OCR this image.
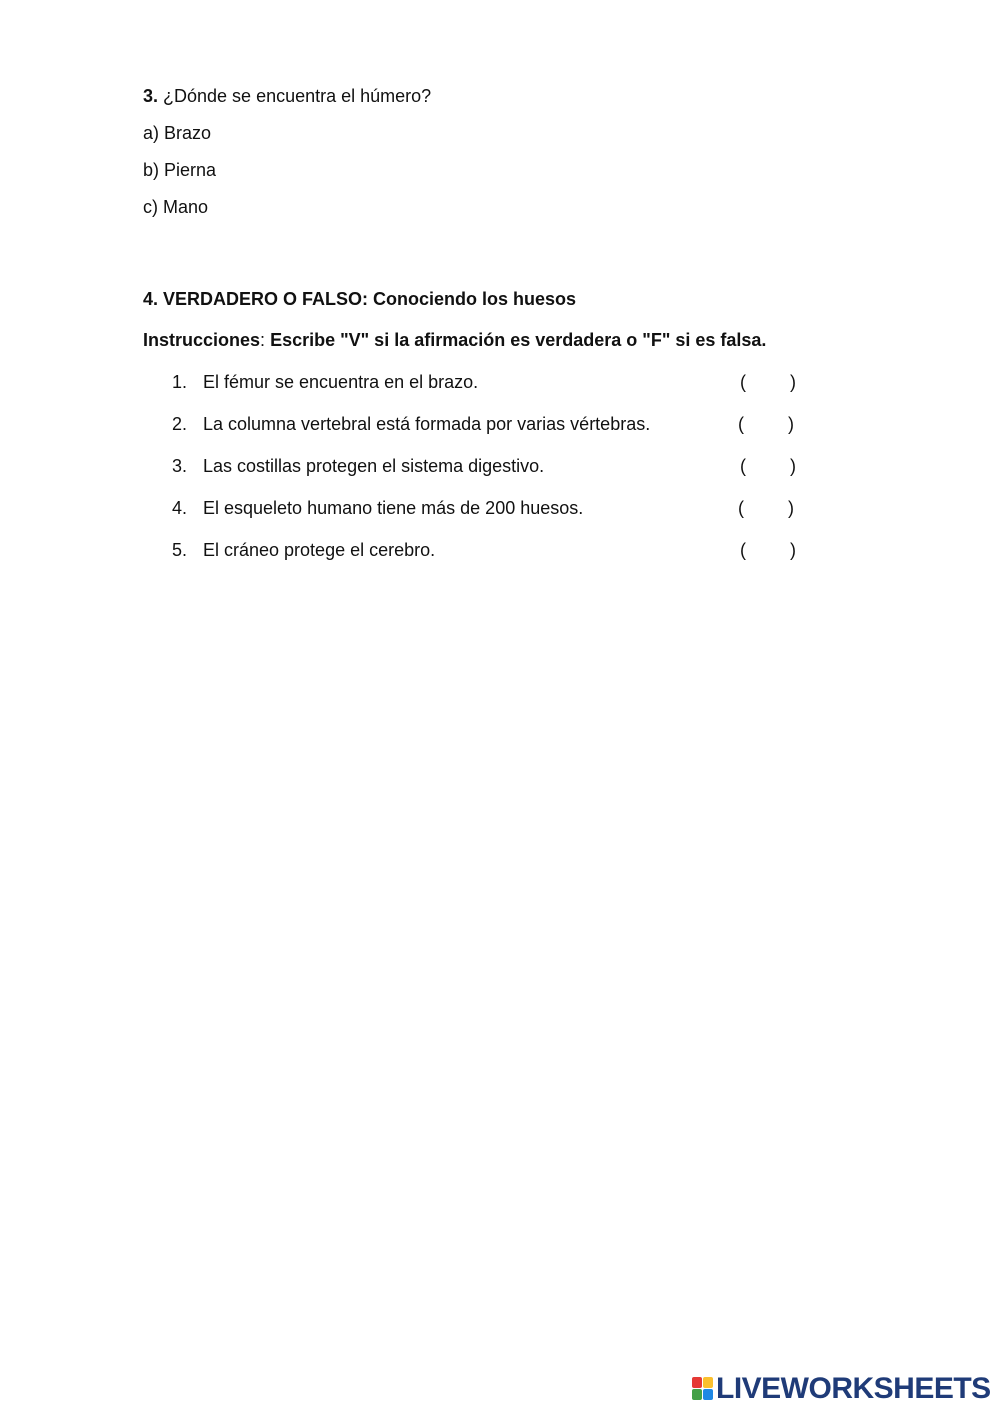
3. ¿Dónde se encuentra el húmero?
a) Brazo
b) Pierna
c) Mano
4. VERDADERO O FALSO: Conociendo los huesos
Instrucciones: Escribe "V" si la afirmación es verdadera o "F" si es falsa.
1. El fémur se encuentra en el brazo.	( )
2. La columna vertebral está formada por varias vértebras.	( )
3. Las costillas protegen el sistema digestivo.	( )
4. El esqueleto humano tiene más de 200 huesos.	( )
5. El cráneo protege el cerebro.	( )
LIVEWORKSHEETS
